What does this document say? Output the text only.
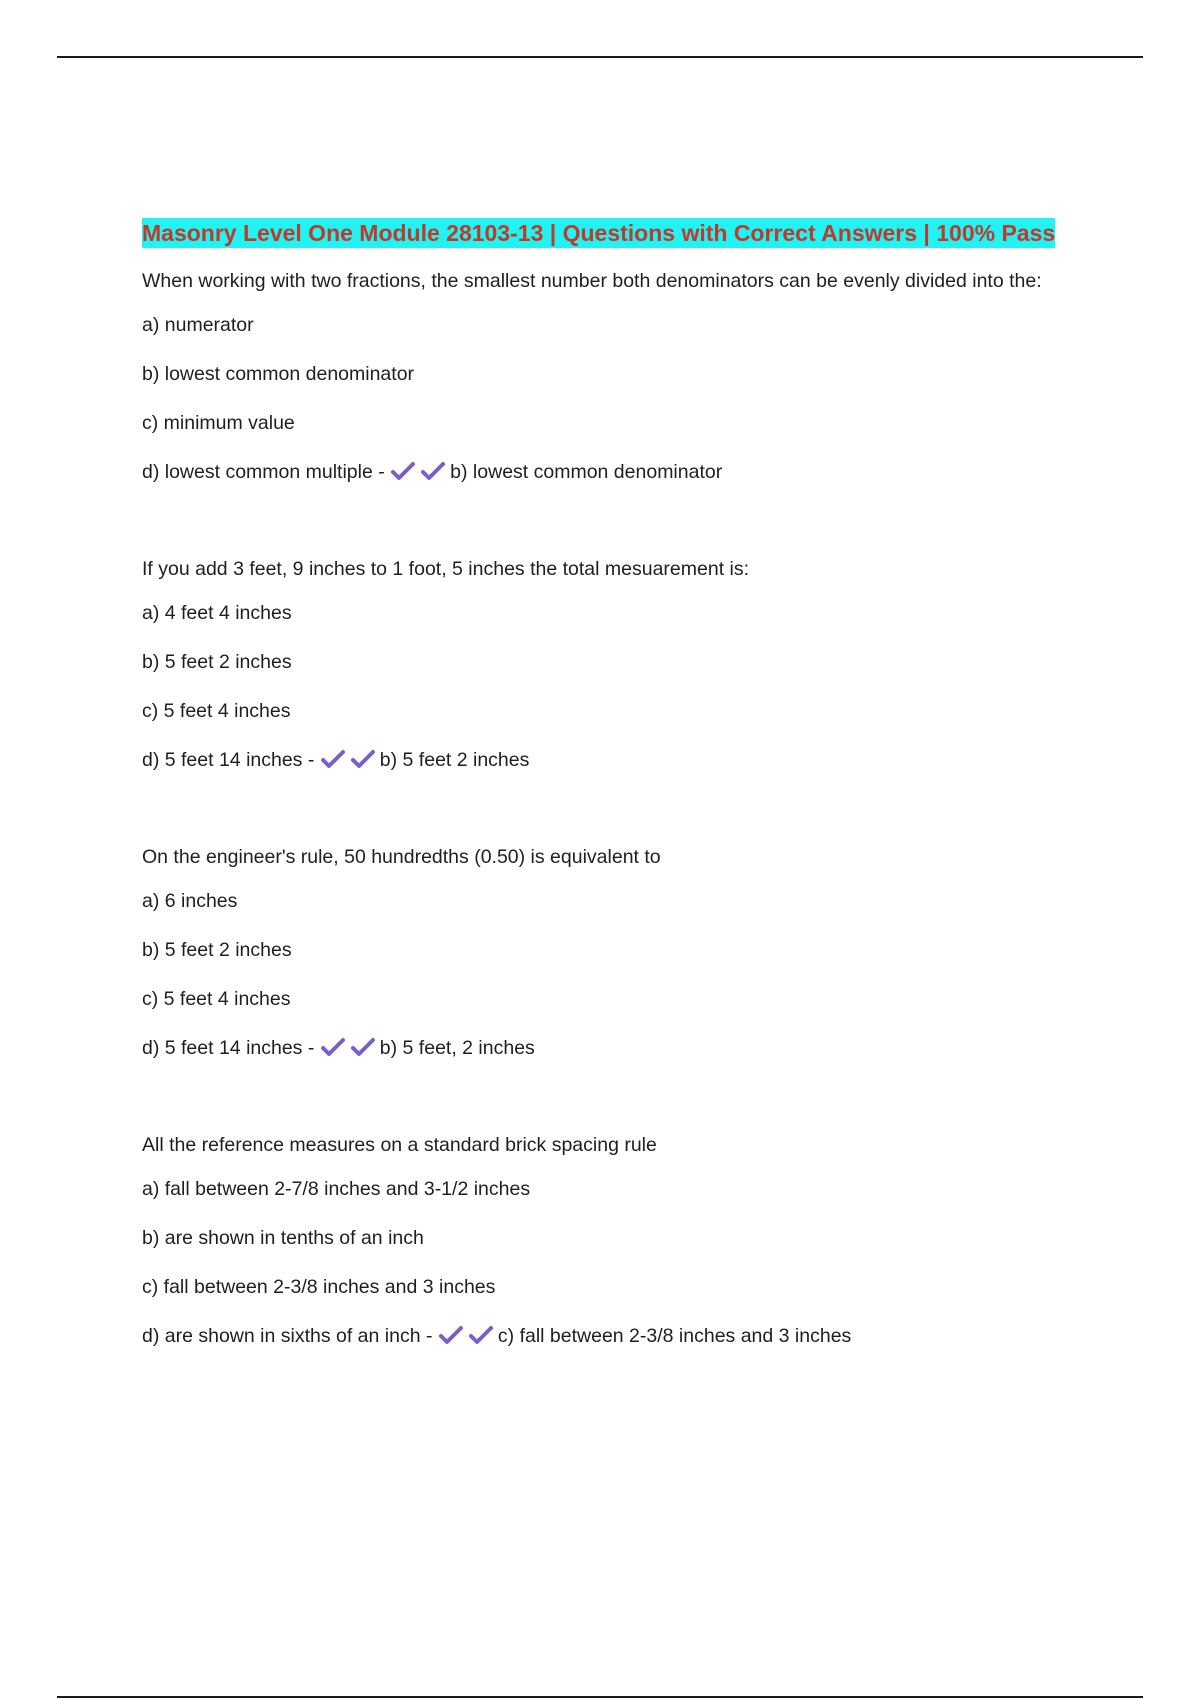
Masonry Level One Module 28103-13 | Questions with Correct Answers | 100% Pass
When working with two fractions, the smallest number both denominators can be evenly divided into the:
a) numerator
b) lowest common denominator
c) minimum value
d) lowest common multiple -	b) lowest common denominator
If you add 3 feet, 9 inches to 1 foot, 5 inches the total mesuarement is:
a) 4 feet 4 inches
b) 5 feet 2 inches
c) 5 feet 4 inches
d) 5 feet 14 inches -	b) 5 feet 2 inches
On the engineer's rule, 50 hundredths (0.50) is equivalent to
a) 6 inches
b) 5 feet 2 inches
c) 5 feet 4 inches
d) 5 feet 14 inches -	b) 5 feet, 2 inches
All the reference measures on a standard brick spacing rule
a) fall between 2-7/8 inches and 3-1/2 inches
b) are shown in tenths of an inch
c) fall between 2-3/8 inches and 3 inches
d) are shown in sixths of an inch -	c) fall between 2-3/8 inches and 3 inches
